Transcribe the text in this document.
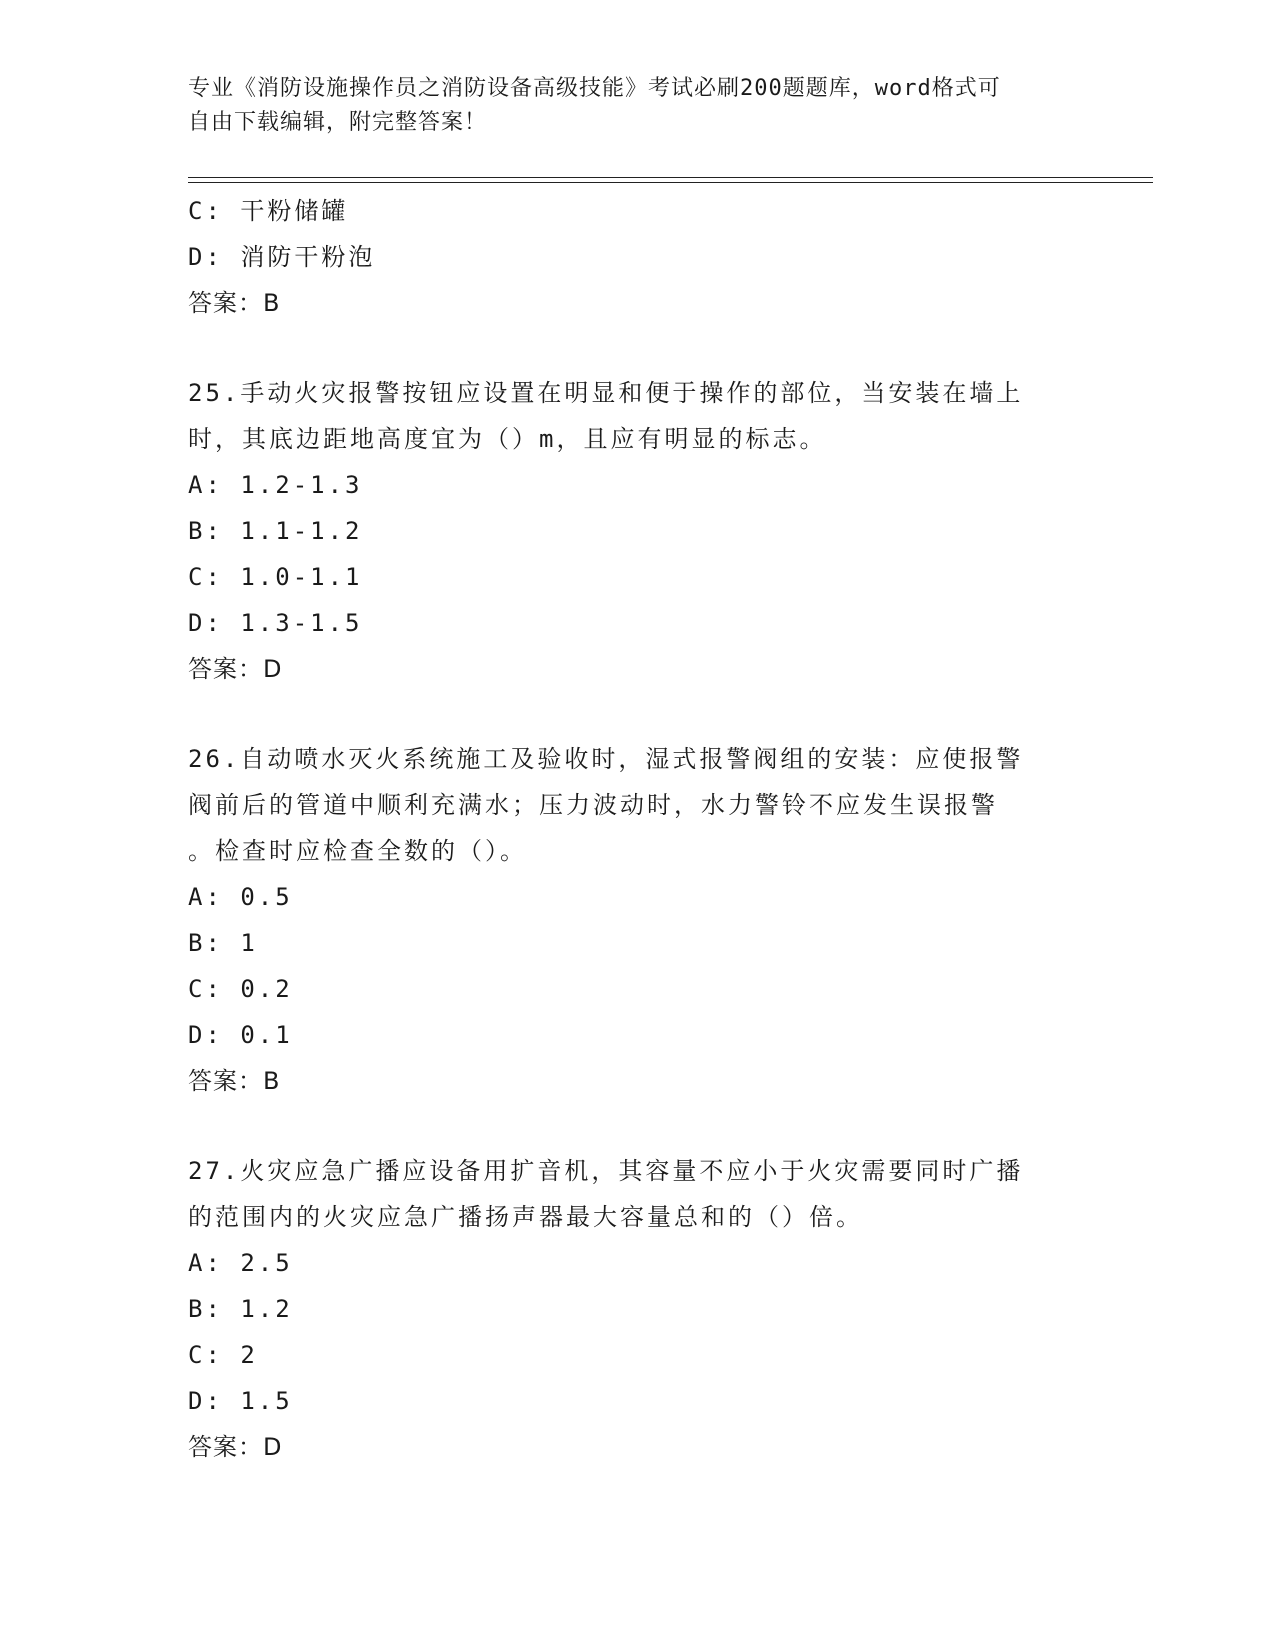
专业《消防设施操作员之消防设备高级技能》考试必刷200题题库，word格式可
自由下载编辑，附完整答案！
C: 干粉储罐
D: 消防干粉泡
答案：B
25.手动火灾报警按钮应设置在明显和便于操作的部位，当安装在墙上
时，其底边距地高度宜为（）m，且应有明显的标志。
A: 1.2-1.3
B: 1.1-1.2
C: 1.0-1.1
D: 1.3-1.5
答案：D
26.自动喷水灭火系统施工及验收时，湿式报警阀组的安装：应使报警
阀前后的管道中顺利充满水；压力波动时，水力警铃不应发生误报警
。检查时应检查全数的（）。
A: 0.5
B: 1
C: 0.2
D: 0.1
答案：B
27.火灾应急广播应设备用扩音机，其容量不应小于火灾需要同时广播
的范围内的火灾应急广播扬声器最大容量总和的（）倍。
A: 2.5
B: 1.2
C: 2
D: 1.5
答案：D
